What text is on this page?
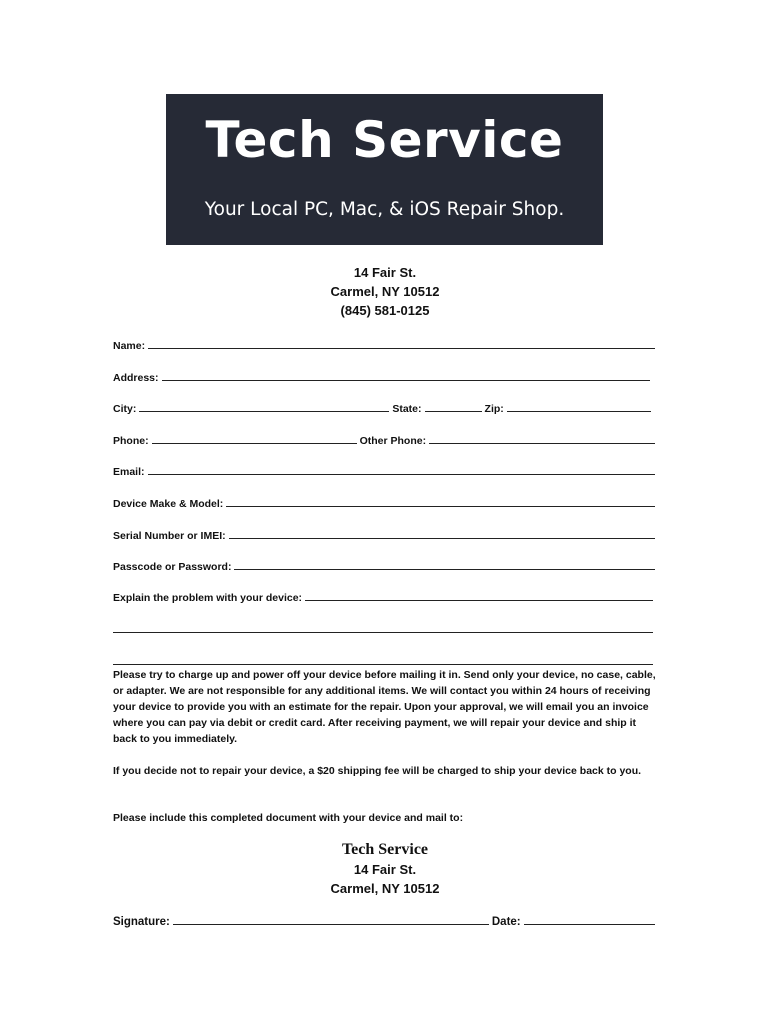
Tech Service
Your Local PC, Mac, & iOS Repair Shop.
14 Fair St.
Carmel, NY 10512
(845) 581-0125
Name:
Address:
City:	State:	Zip:
Phone:	Other Phone:
Email:
Device Make & Model:
Serial Number or IMEI:
Passcode or Password:
Explain the problem with your device:
Please try to charge up and power off your device before mailing it in. Send only your device, no case, cable, or adapter. We are not responsible for any additional items. We will contact you within 24 hours of receiving your device to provide you with an estimate for the repair. Upon your approval, we will email you an invoice where you can pay via debit or credit card. After receiving payment, we will repair your device and ship it back to you immediately.
If you decide not to repair your device, a $20 shipping fee will be charged to ship your device back to you.
Please include this completed document with your device and mail to:
Tech Service
14 Fair St.
Carmel, NY 10512
Signature:	Date:
